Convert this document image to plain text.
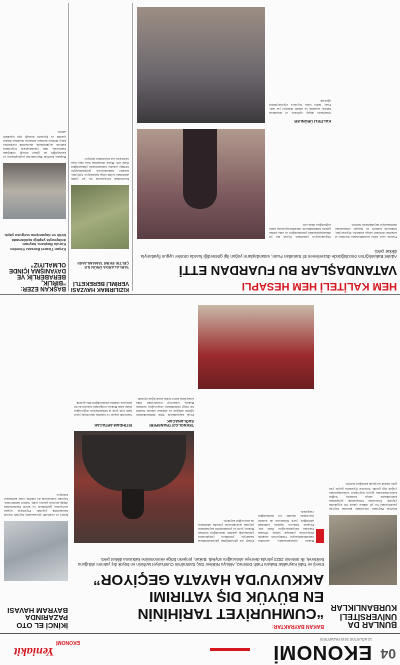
04
EKONOMİ
12 AĞUSTOS 2019 PAZARTESİ
EKONOMİ
Yeniakit
BUNLAR DA ÜNİVERSİTELİ KURBANLIKLAR
Kurban Bayramı öncesinde kurulan hayvan pazarlarında bu yıl dikkat çeken bir uygulama yapıldı. Üniversite bünyesinde yetiştirilen kurbanlıklar satışa sunuldu. Sağlık kontrollerinden geçen hayvanlar vatandaşlardan yoğun ilgi gördü. Satıcılar fiyatların geçen yıla göre makul seviyede kaldığını belirtti.
BAKAN BAYRAKTAR:
“CUMHURİYET TARİHİNİN
EN BÜYÜK DIŞ YATIRIMI
AKKUYU'DA HAYATA GEÇİYOR”
Enerji ve Tabii Kaynaklar Bakanı Fatih Dönmez, Akkuyu Nükleer Güç Santrali'nin Cumhuriyet tarihinin en büyük dış yatırımı olduğunu belirterek, ilk ünitenin 2023 yılında devreye alınacağını söyledi. Bakan, projenin bölge ekonomisine katkısına dikkat çekti.
Bakan açıklamasında, santralin tamamlanmasıyla Türkiye'nin elektrik ihtiyacının yaklaşık yüzde 10'unun buradan karşılanacağını ifade etti. Projede binlerce kişinin istihdam edildiğini, yerli firmaların da tedarik zincirinde önemli rol üstlendiğini vurguladı.
Enerji arz güvenliğinin güçlendirilmesi hedefiyle yürütülen çalışmaların planlandığı şekilde ilerlediğini belirten Bakan, yerli ve yenilenebilir kaynakların payının artırılmasına yönelik adımların da süreceğini kaydetti.
TEKNOLOJİ TRANSFERİ SAĞLANACAK
Proje kapsamında Türk mühendislerin eğitim aldığını ve nükleer alanda önemli bir bilgi birikiminin oluşacağını belirten Bakan, teknoloji transferinin ülke sanayisine kalıcı katkı sunacağını söyledi.
İSTİHDAM ARTACAK
Santralin inşaat ve işletme sürecinde yerel halk için yeni iş imkanlarının doğacağını ifade eden Bakan, bölgedeki esnafın da bu süreçten olumlu etkilendiğini dile getirdi.
İKİNCİ EL OTO PAZARINDA BAYRAM HAVASI
İkinci el otomobil piyasasında bayram öncesi hareketlilik yaşandı. Fiyatların uygun seviyelere gerilemesi ve kredi faizlerindeki düşüş alıcıları pazara çekti. Sektör temsilcileri, bayram sonrasında da talebin canlı kalmasını bekliyor.
HEM KALİTELİ HEM HESAPLI
VATANDAŞLAR BU FUARDAN ETTİ
Adalet Bakanlığı'nın öncülüğünde düzenlenen El Sanatları Fuarı, vatandaşların yoğun ilgi gösterdiği fuarda ürünler uygun fiyatlarıyla dikkat çekti.
Fuarda ceza infaz kurumlarında üretilen el sanatları ürünleri satışa sunuldu. Ziyaretçiler, ürünlerin kaliteli ve hesaplı olmasından memnuniyet duyduklarını belirtti.
Organizasyon yetkilileri, fuarın her yıl düzenlenmesinin planlandığını ve elde edilen gelirin hükümlülerin rehabilitasyonuna katkı sağladığını ifade etti.
KALİTELİ ÜRÜNLER
Stantlarda ahşap oymalar, el dokuması halılar, seramik ve tekstil ürünleri yer aldı. Fuar, hafta sonu boyunca ziyaretçilerini ağırladı.
KIZILIRMAK HAVZASI VERİMLİ BEREKETLİ
TARLALARDA ÜRÜN İLE ÇELTİK EKİMİ TAMAMLANDI
Kızılırmak havzasında bu yıl çeltik ekiminde verim artışı bekleniyor. Çiftçiler, sulama imkanlarının genişlemesiyle birlikte rekolte beklentisinin yükseldiğini ifade etti. Hasat dönemine kısa süre kala tarlalarda son hazırlıklar sürüyor.
BAŞKAN EZER: “BİRLİK, BERABERLİK VE DAYANIŞMA İÇİNDE OLMALIYIZ”
Keşan Ticaret Borsası Yönetim Kurulu Başkanı, bayram dolayısıyla yaptığı açıklamada birlik ve dayanışma vurgusu yaptı.
Başkan, Kurban Bayramı'nın paylaşmanın ve kardeşliğin en güzel örneği olduğunu belirterek, tüm vatandaşların bayramını kutladı. Açıklamada, ekonomik zorluklara karşı birlikte hareket etmenin önemine dikkat çekildi ve üyelerin desteği için teşekkür edildi.
